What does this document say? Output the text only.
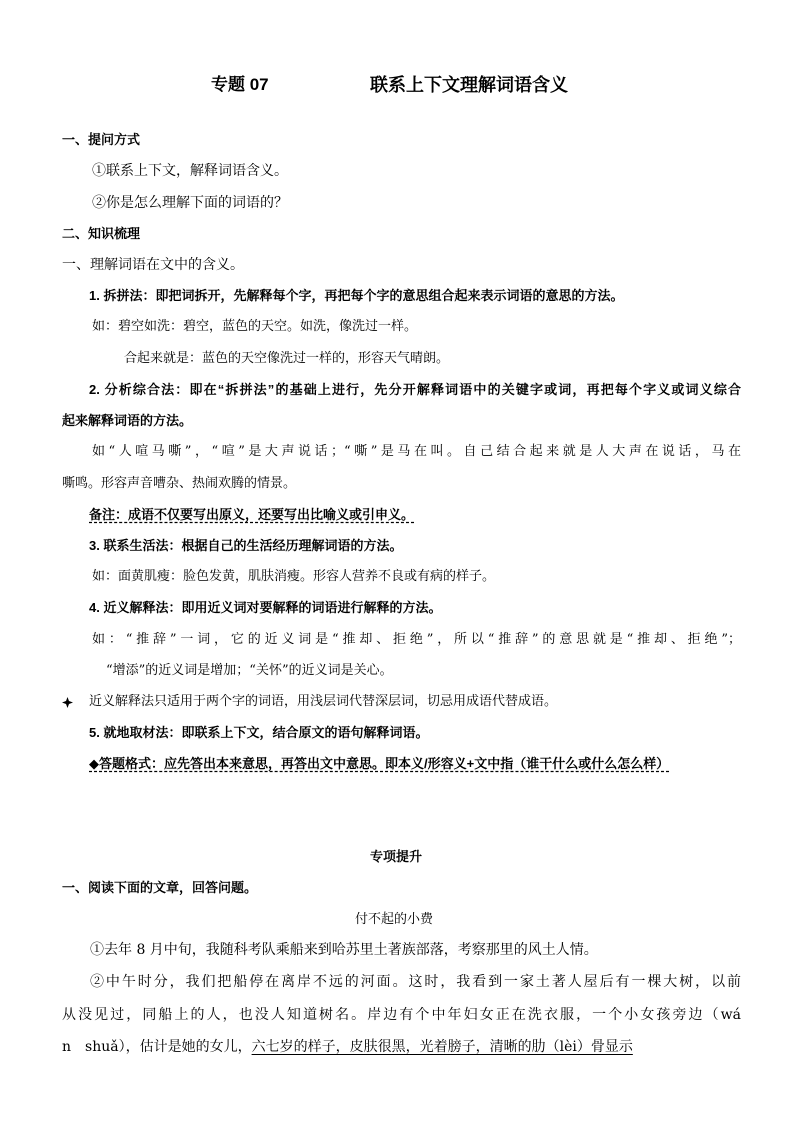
专题 07	联系上下文理解词语含义
一、提问方式
①联系上下文，解释词语含义。
②你是怎么理解下面的词语的？
二、知识梳理
一、理解词语在文中的含义。
1. 拆拼法：即把词拆开，先解释每个字，再把每个字的意思组合起来表示词语的意思的方法。
如：碧空如洗：碧空，蓝色的天空。如洗，像洗过一样。
合起来就是：蓝色的天空像洗过一样的，形容天气晴朗。
2. 分析综合法：即在“拆拼法”的基础上进行，先分开解释词语中的关键字或词，再把每个字义或词义综合
起来解释词语的方法。
如“人喧马嘶”，“喧”是大声说话；“嘶”是马在叫。自己结合起来就是人大声在说话，马在
嘶鸣。形容声音嘈杂、热闹欢腾的情景。
备注：成语不仅要写出原义，还要写出比喻义或引申义。
3. 联系生活法：根据自己的生活经历理解词语的方法。
如：面黄肌瘦：脸色发黄，肌肤消瘦。形容人营养不良或有病的样子。
4. 近义解释法：即用近义词对要解释的词语进行解释的方法。
如：“推辞”一词，它的近义词是“推却、拒绝”，所以“推辞”的意思就是“推却、拒绝”；
“增添”的近义词是增加；“关怀”的近义词是关心。
近义解释法只适用于两个字的词语，用浅层词代替深层词，切忌用成语代替成语。
5. 就地取材法：即联系上下文，结合原文的语句解释词语。
◆答题格式：应先答出本来意思，再答出文中意思。即本义/形容义+文中指（谁干什么或什么怎么样）
专项提升
一、阅读下面的文章，回答问题。
付不起的小费
①去年 8 月中旬，我随科考队乘船来到哈苏里土著族部落，考察那里的风土人情。
②中午时分，我们把船停在离岸不远的河面。这时，我看到一家土著人屋后有一棵大树，以前
从没见过，同船上的人，也没人知道树名。岸边有个中年妇女正在洗衣服，一个小女孩旁边（wá
n　shuǎ），估计是她的女儿，六七岁的样子，皮肤很黑，光着膀子，清晰的肋（lèi）骨显示
